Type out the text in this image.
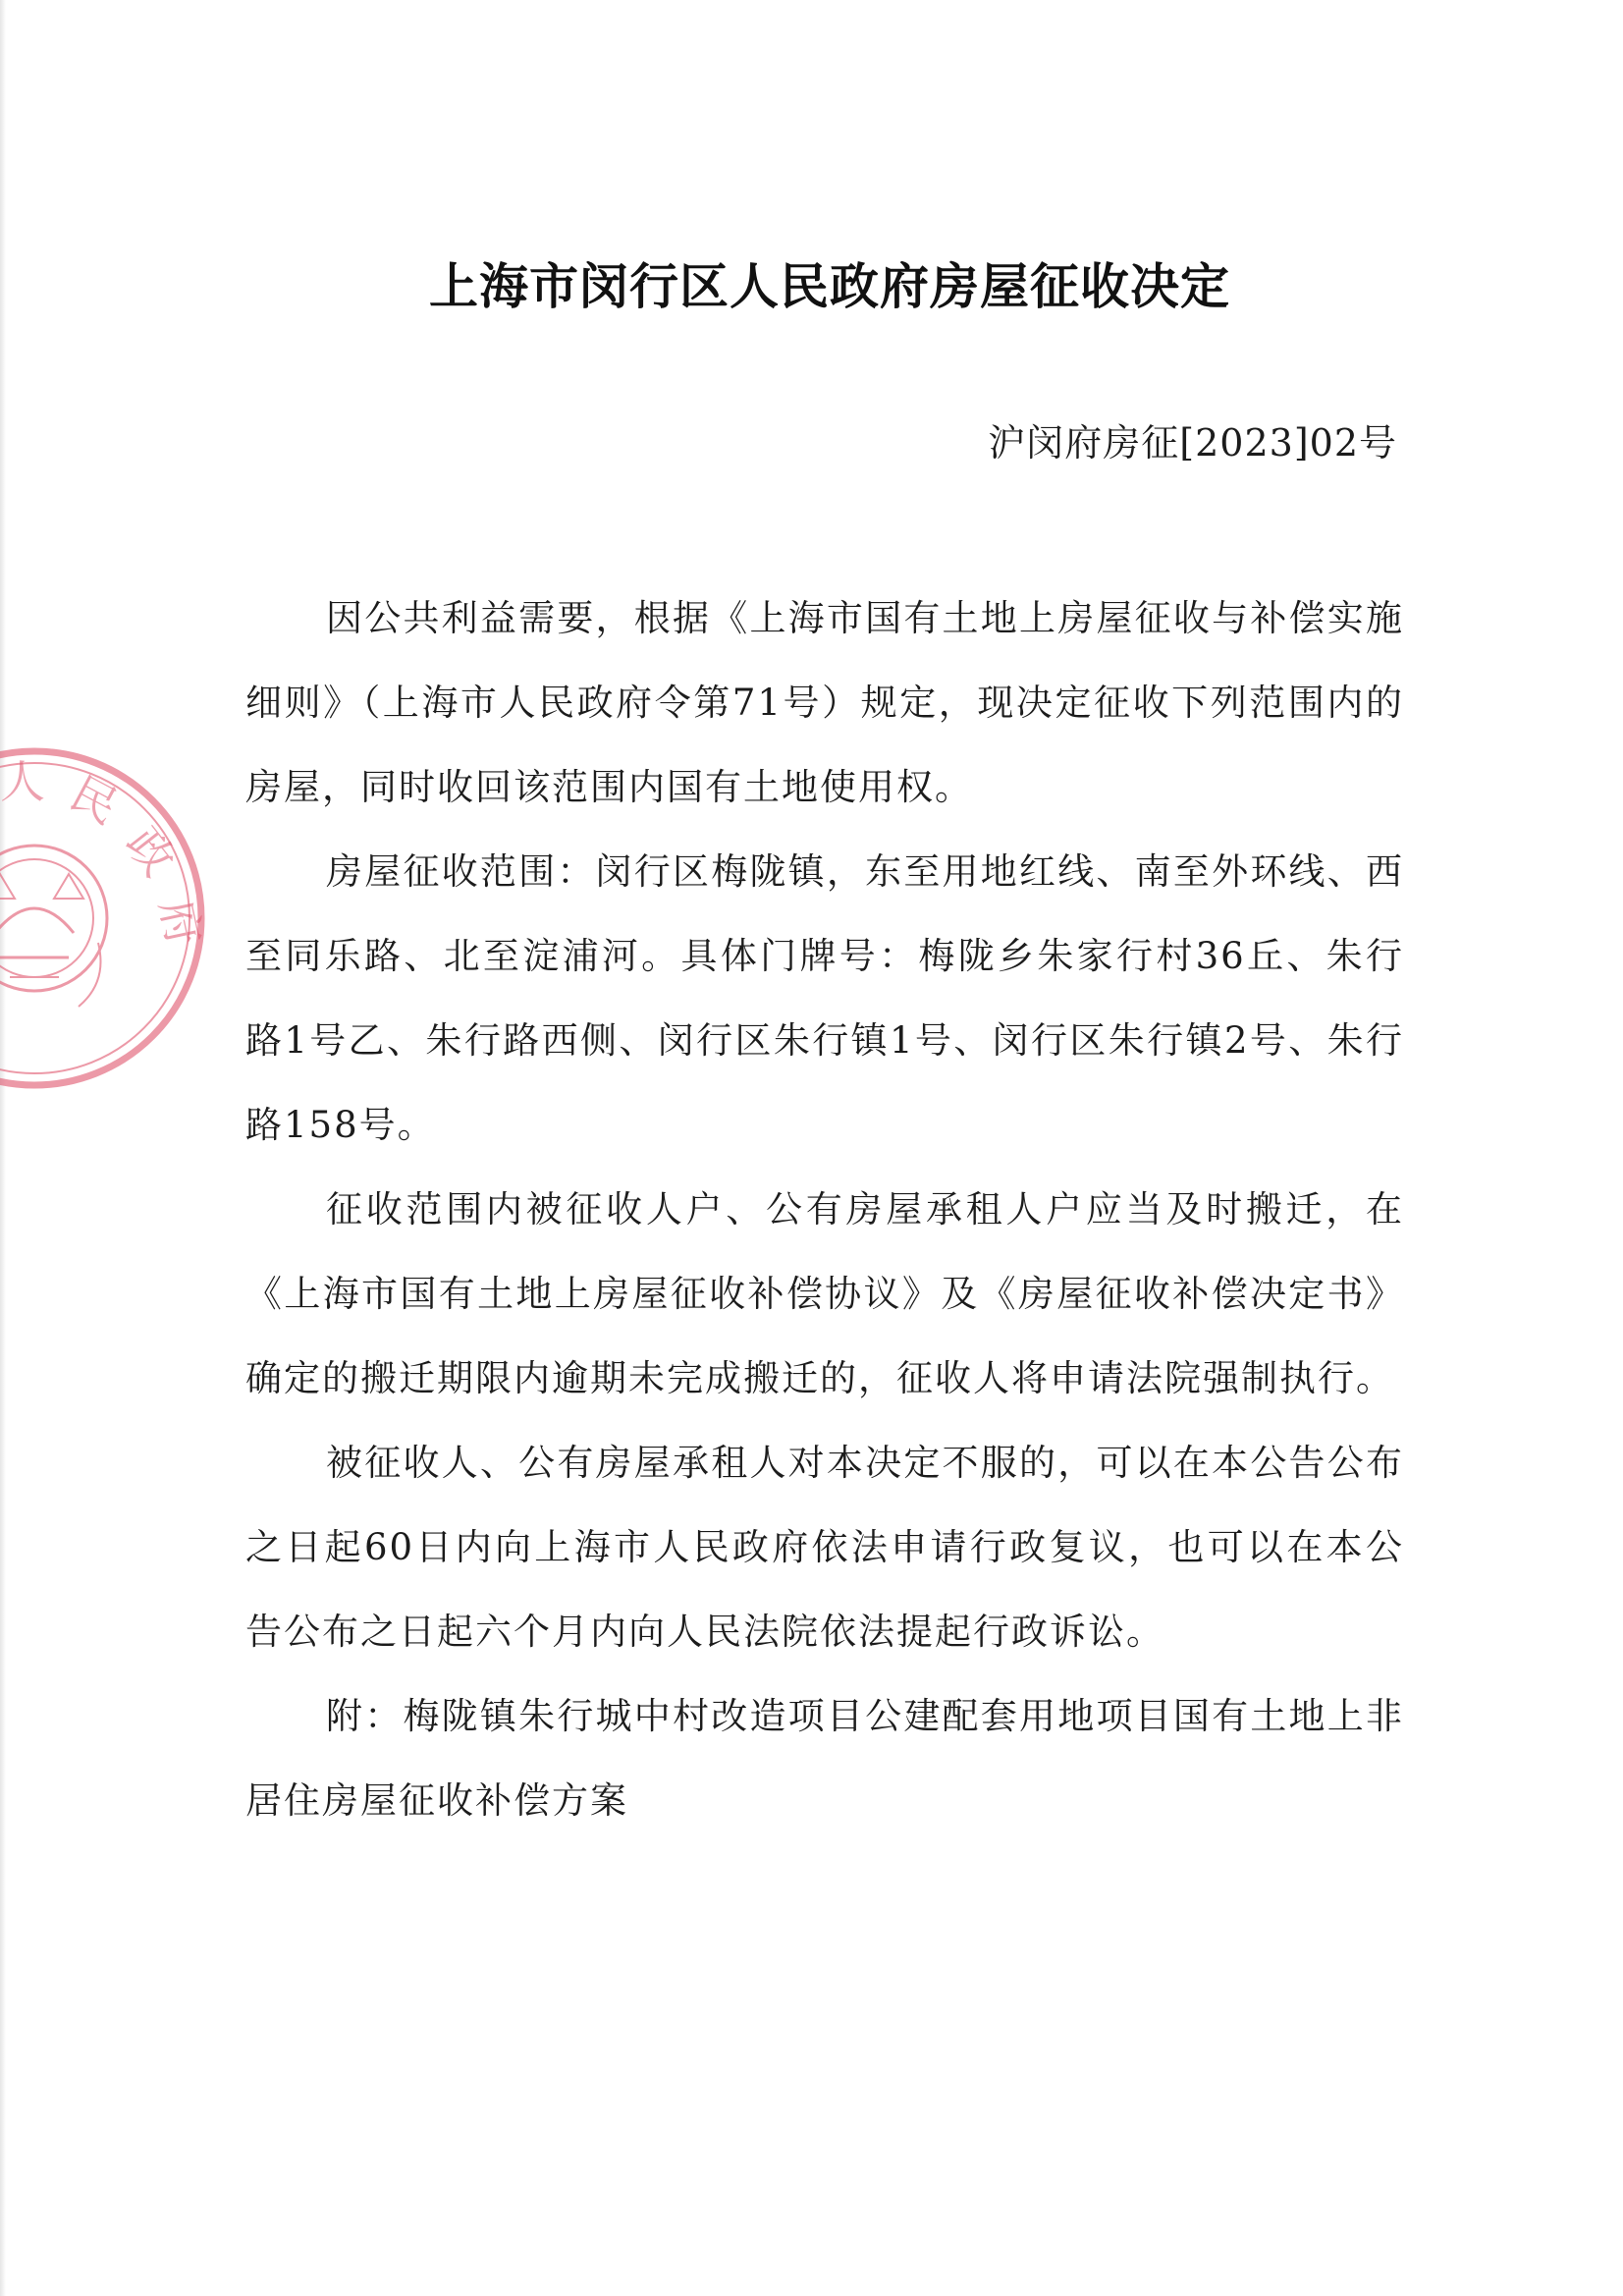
人 民
政
府
上海市闵行区人民政府房屋征收决定
沪闵府房征[2023]02号

因公共利益需要，根据《上海市国有土地上房屋征收与补偿实施细则》（上海市人民政府令第71号）规定，现决定征收下列范围内的房屋，同时收回该范围内国有土地使用权。

房屋征收范围：闵行区梅陇镇，东至用地红线、南至外环线、西至同乐路、北至淀浦河。具体门牌号：梅陇乡朱家行村36丘、朱行路1号乙、朱行路西侧、闵行区朱行镇1号、闵行区朱行镇2号、朱行路158号。

征收范围内被征收人户、公有房屋承租人户应当及时搬迁，在《上海市国有土地上房屋征收补偿协议》及《房屋征收补偿决定书》确定的搬迁期限内逾期未完成搬迁的，征收人将申请法院强制执行。

被征收人、公有房屋承租人对本决定不服的，可以在本公告公布之日起60日内向上海市人民政府依法申请行政复议，也可以在本公告公布之日起六个月内向人民法院依法提起行政诉讼。

附：梅陇镇朱行城中村改造项目公建配套用地项目国有土地上非居住房屋征收补偿方案
